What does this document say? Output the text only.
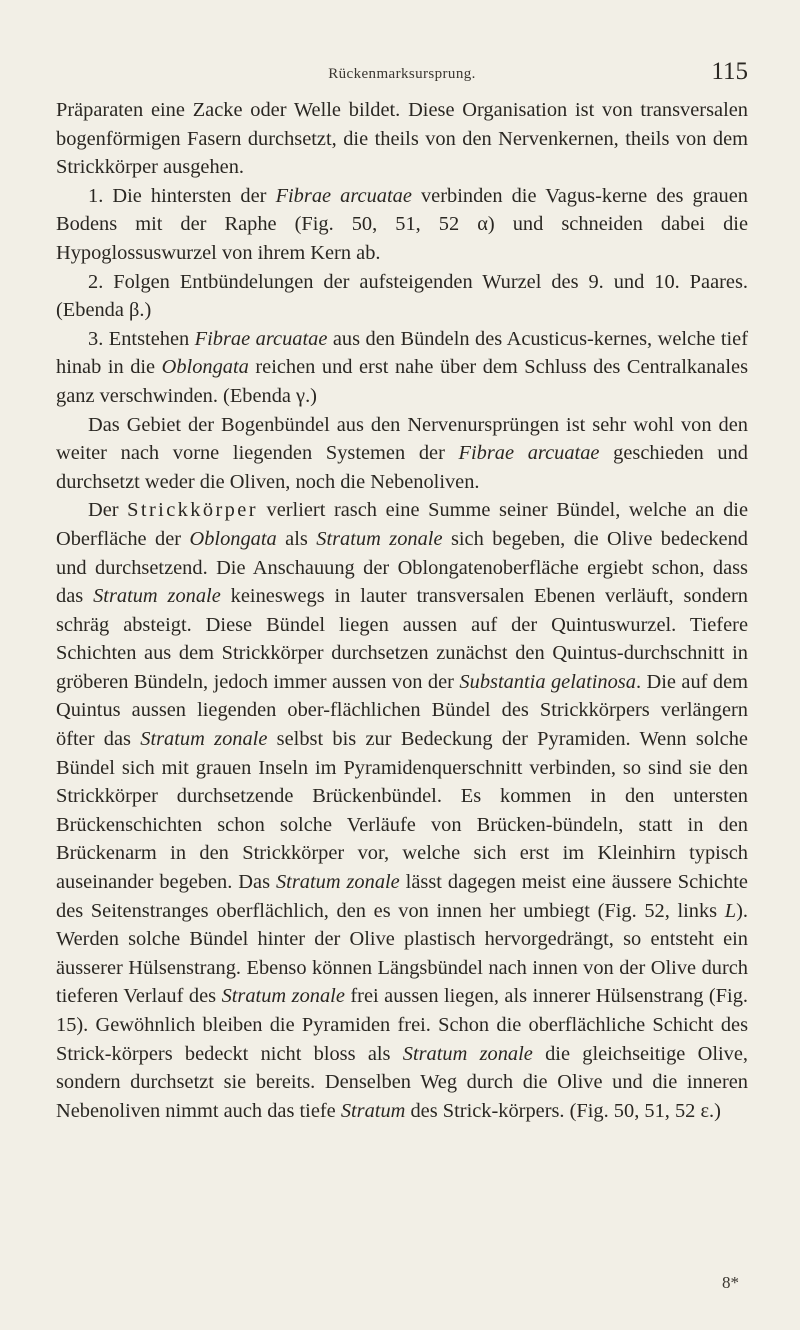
Rückenmarksursprung.	115

Präparaten eine Zacke oder Welle bildet. Diese Organisation ist von transversalen bogenförmigen Fasern durchsetzt, die theils von den Nervenkernen, theils von dem Strickkörper ausgehen.

1. Die hintersten der Fibrae arcuatae verbinden die Vagus-kerne des grauen Bodens mit der Raphe (Fig. 50, 51, 52 α) und schneiden dabei die Hypoglossuswurzel von ihrem Kern ab.

2. Folgen Entbündelungen der aufsteigenden Wurzel des 9. und 10. Paares. (Ebenda β.)

3. Entstehen Fibrae arcuatae aus den Bündeln des Acusticus-kernes, welche tief hinab in die Oblongata reichen und erst nahe über dem Schluss des Centralkanales ganz verschwinden. (Ebenda γ.)

Das Gebiet der Bogenbündel aus den Nervenursprüngen ist sehr wohl von den weiter nach vorne liegenden Systemen der Fibrae arcuatae geschieden und durchsetzt weder die Oliven, noch die Nebenoliven.

Der Strickkörper verliert rasch eine Summe seiner Bündel, welche an die Oberfläche der Oblongata als Stratum zonale sich begeben, die Olive bedeckend und durchsetzend. Die Anschauung der Oblongatenoberfläche ergiebt schon, dass das Stratum zonale keineswegs in lauter transversalen Ebenen verläuft, sondern schräg absteigt. Diese Bündel liegen aussen auf der Quintuswurzel. Tiefere Schichten aus dem Strickkörper durchsetzen zunächst den Quintus-durchschnitt in gröberen Bündeln, jedoch immer aussen von der Substantia gelatinosa. Die auf dem Quintus aussen liegenden ober-flächlichen Bündel des Strickkörpers verlängern öfter das Stratum zonale selbst bis zur Bedeckung der Pyramiden. Wenn solche Bündel sich mit grauen Inseln im Pyramidenquerschnitt verbinden, so sind sie den Strickkörper durchsetzende Brückenbündel. Es kommen in den untersten Brückenschichten schon solche Verläufe von Brücken-bündeln, statt in den Brückenarm in den Strickkörper vor, welche sich erst im Kleinhirn typisch auseinander begeben. Das Stratum zonale lässt dagegen meist eine äussere Schichte des Seitenstranges oberflächlich, den es von innen her umbiegt (Fig. 52, links L). Werden solche Bündel hinter der Olive plastisch hervorgedrängt, so entsteht ein äusserer Hülsenstrang. Ebenso können Längsbündel nach innen von der Olive durch tieferen Verlauf des Stratum zonale frei aussen liegen, als innerer Hülsenstrang (Fig. 15). Gewöhnlich bleiben die Pyramiden frei. Schon die oberflächliche Schicht des Strick-körpers bedeckt nicht bloss als Stratum zonale die gleichseitige Olive, sondern durchsetzt sie bereits. Denselben Weg durch die Olive und die inneren Nebenoliven nimmt auch das tiefe Stratum des Strick-körpers. (Fig. 50, 51, 52 ε.)

8*
